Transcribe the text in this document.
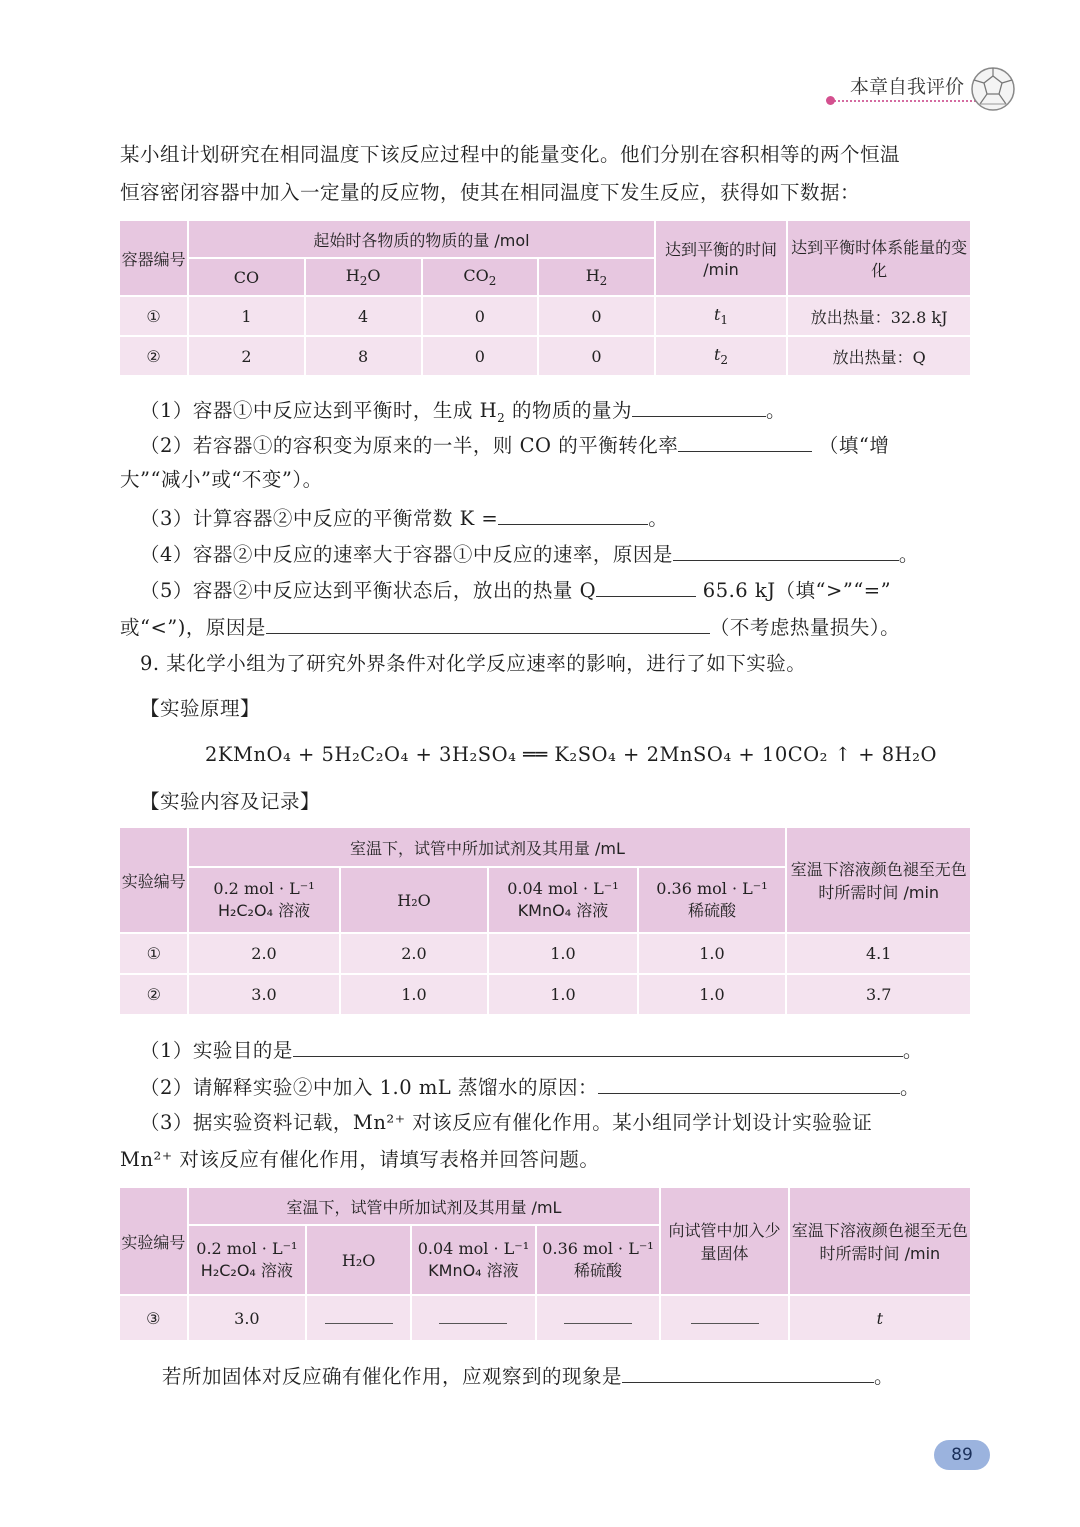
本章自我评价
某小组计划研究在相同温度下该反应过程中的能量变化。他们分别在容积相等的两个恒温
恒容密闭容器中加入一定量的反应物，使其在相同温度下发生反应，获得如下数据：
容器编号	起始时各物质的物质的量 /mol				达到平衡的时间 /min	达到平衡时体系能量的变化
	CO	$H_2O$	$CO_2$	$H_2$
①	1	4	0	0	$t_1$	放出热量：32.8 kJ
②	2	8	0	0	$t_2$	放出热量：Q
（1）容器①中反应达到平衡时，生成 $H_2$ 的物质的量为	。
（2）若容器①的容积变为原来的一半，则 CO 的平衡转化率	（填“增
大”“减小”或“不变”）。
（3）计算容器②中反应的平衡常数 K =	。
（4）容器②中反应的速率大于容器①中反应的速率，原因是	。
（5）容器②中反应达到平衡状态后，放出的热量 Q	65.6 kJ（填“>”“=”
或“<”)，原因是	（不考虑热量损失）。
9. 某化学小组为了研究外界条件对化学反应速率的影响，进行了如下实验。
【实验原理】
2KMnO₄ + 5H₂C₂O₄ + 3H₂SO₄ ══ K₂SO₄ + 2MnSO₄ + 10CO₂ ↑ + 8H₂O
【实验内容及记录】
实验编号	室温下，试管中所加试剂及其用量 /mL				室温下溶液颜色褪至无色时所需时间 /min
	0.2 mol · L⁻¹
H₂C₂O₄ 溶液	H₂O	0.04 mol · L⁻¹
KMnO₄ 溶液	0.36 mol · L⁻¹
稀硫酸	
①	2.0	2.0	1.0	1.0	4.1
②	3.0	1.0	1.0	1.0	3.7
（1）实验目的是	。
（2）请解释实验②中加入 1.0 mL 蒸馏水的原因：	。
（3）据实验资料记载，Mn²⁺ 对该反应有催化作用。某小组同学计划设计实验验证
Mn²⁺ 对该反应有催化作用，请填写表格并回答问题。
实验编号	室温下，试管中所加试剂及其用量 /mL				向试管中加入少量固体	室温下溶液颜色褪至无色时所需时间 /min
	0.2 mol · L⁻¹
H₂C₂O₄ 溶液	H₂O	0.04 mol · L⁻¹
KMnO₄ 溶液	0.36 mol · L⁻¹
稀硫酸		
③	3.0					t
若所加固体对反应确有催化作用，应观察到的现象是	。
89
